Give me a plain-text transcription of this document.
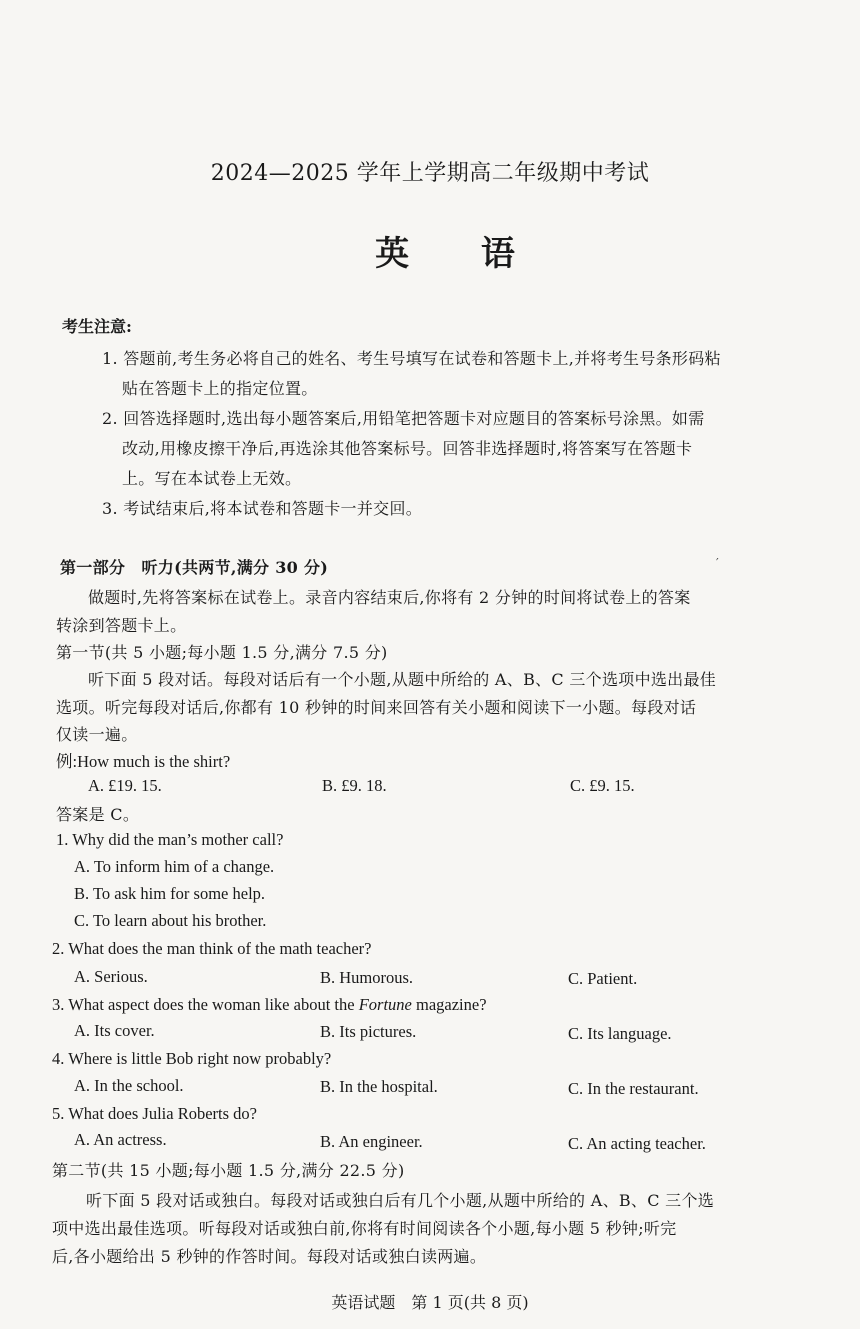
2024—2025 学年上学期高二年级期中考试
英 语
考生注意:
1. 答题前,考生务必将自己的姓名、考生号填写在试卷和答题卡上,并将考生号条形码粘
贴在答题卡上的指定位置。
2. 回答选择题时,选出每小题答案后,用铅笔把答题卡对应题目的答案标号涂黑。如需
改动,用橡皮擦干净后,再选涂其他答案标号。回答非选择题时,将答案写在答题卡
上。写在本试卷上无效。
3. 考试结束后,将本试卷和答题卡一并交回。
第一部分　听力(共两节,满分 30 分)	′
做题时,先将答案标在试卷上。录音内容结束后,你将有 2 分钟的时间将试卷上的答案
转涂到答题卡上。
第一节(共 5 小题;每小题 1.5 分,满分 7.5 分)
听下面 5 段对话。每段对话后有一个小题,从题中所给的 A、B、C 三个选项中选出最佳
选项。听完每段对话后,你都有 10 秒钟的时间来回答有关小题和阅读下一小题。每段对话
仅读一遍。
例:How much is the shirt?
A. £19. 15.	B. £9. 18.	C. £9. 15.
答案是 C。
1. Why did the man’s mother call?
A. To inform him of a change.
B. To ask him for some help.
C. To learn about his brother.
2. What does the man think of the math teacher?
A. Serious.	B. Humorous.	C. Patient.
3. What aspect does the woman like about the Fortune magazine?
A. Its cover.	B. Its pictures.	C. Its language.
4. Where is little Bob right now probably?
A. In the school.	B. In the hospital.	C. In the restaurant.
5. What does Julia Roberts do?
A. An actress.	B. An engineer.	C. An acting teacher.
第二节(共 15 小题;每小题 1.5 分,满分 22.5 分)
听下面 5 段对话或独白。每段对话或独白后有几个小题,从题中所给的 A、B、C 三个选
项中选出最佳选项。听每段对话或独白前,你将有时间阅读各个小题,每小题 5 秒钟;听完
后,各小题给出 5 秒钟的作答时间。每段对话或独白读两遍。
英语试题　第 1 页(共 8 页)
